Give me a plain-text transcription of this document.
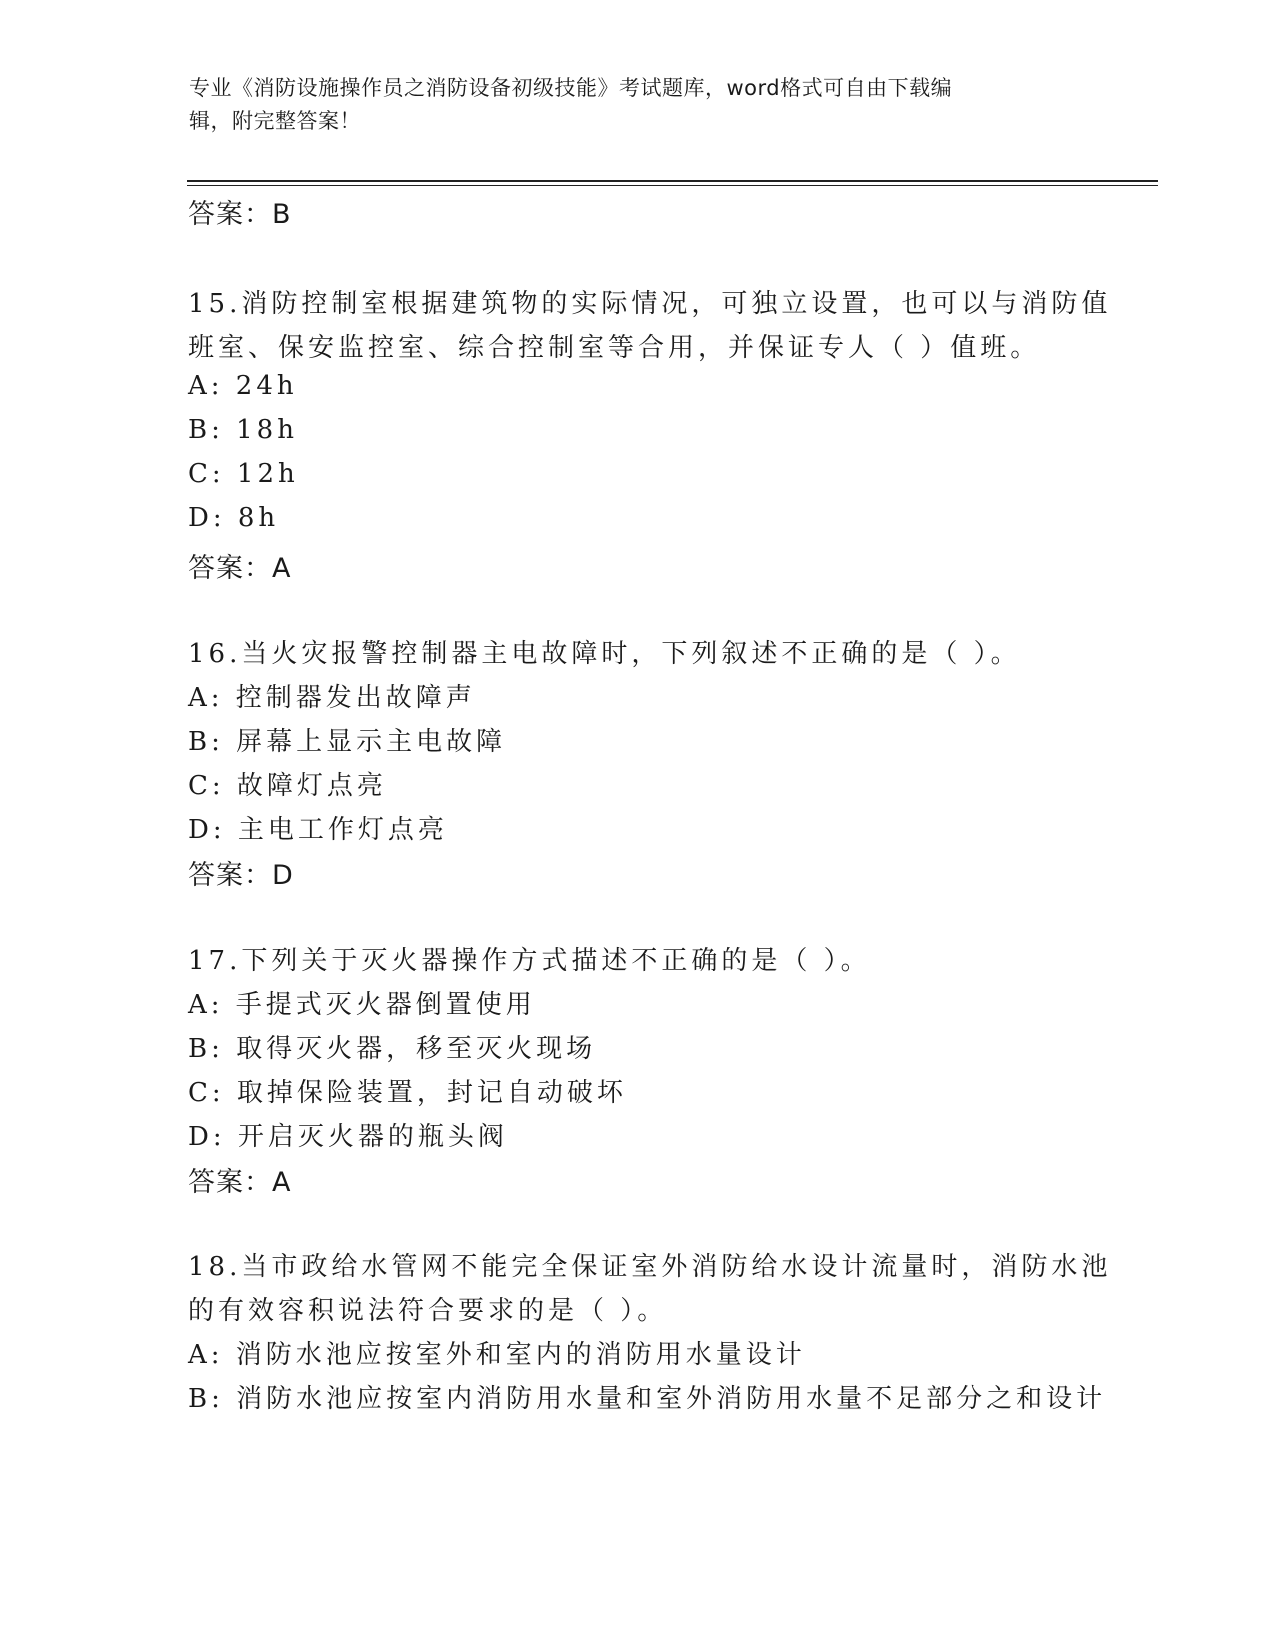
专业《消防设施操作员之消防设备初级技能》考试题库，word格式可自由下载编
辑，附完整答案！
答案：B
15.消防控制室根据建筑物的实际情况，可独立设置，也可以与消防值
班室、保安监控室、综合控制室等合用，并保证专人（ ）值班。
A: 24h
B: 18h
C: 12h
D: 8h
答案：A
16.当火灾报警控制器主电故障时，下列叙述不正确的是（ ）。
A: 控制器发出故障声
B: 屏幕上显示主电故障
C: 故障灯点亮
D: 主电工作灯点亮
答案：D
17.下列关于灭火器操作方式描述不正确的是（ ）。
A: 手提式灭火器倒置使用
B: 取得灭火器，移至灭火现场
C: 取掉保险装置，封记自动破坏
D: 开启灭火器的瓶头阀
答案：A
18.当市政给水管网不能完全保证室外消防给水设计流量时，消防水池
的有效容积说法符合要求的是（ ）。
A: 消防水池应按室外和室内的消防用水量设计
B: 消防水池应按室内消防用水量和室外消防用水量不足部分之和设计
